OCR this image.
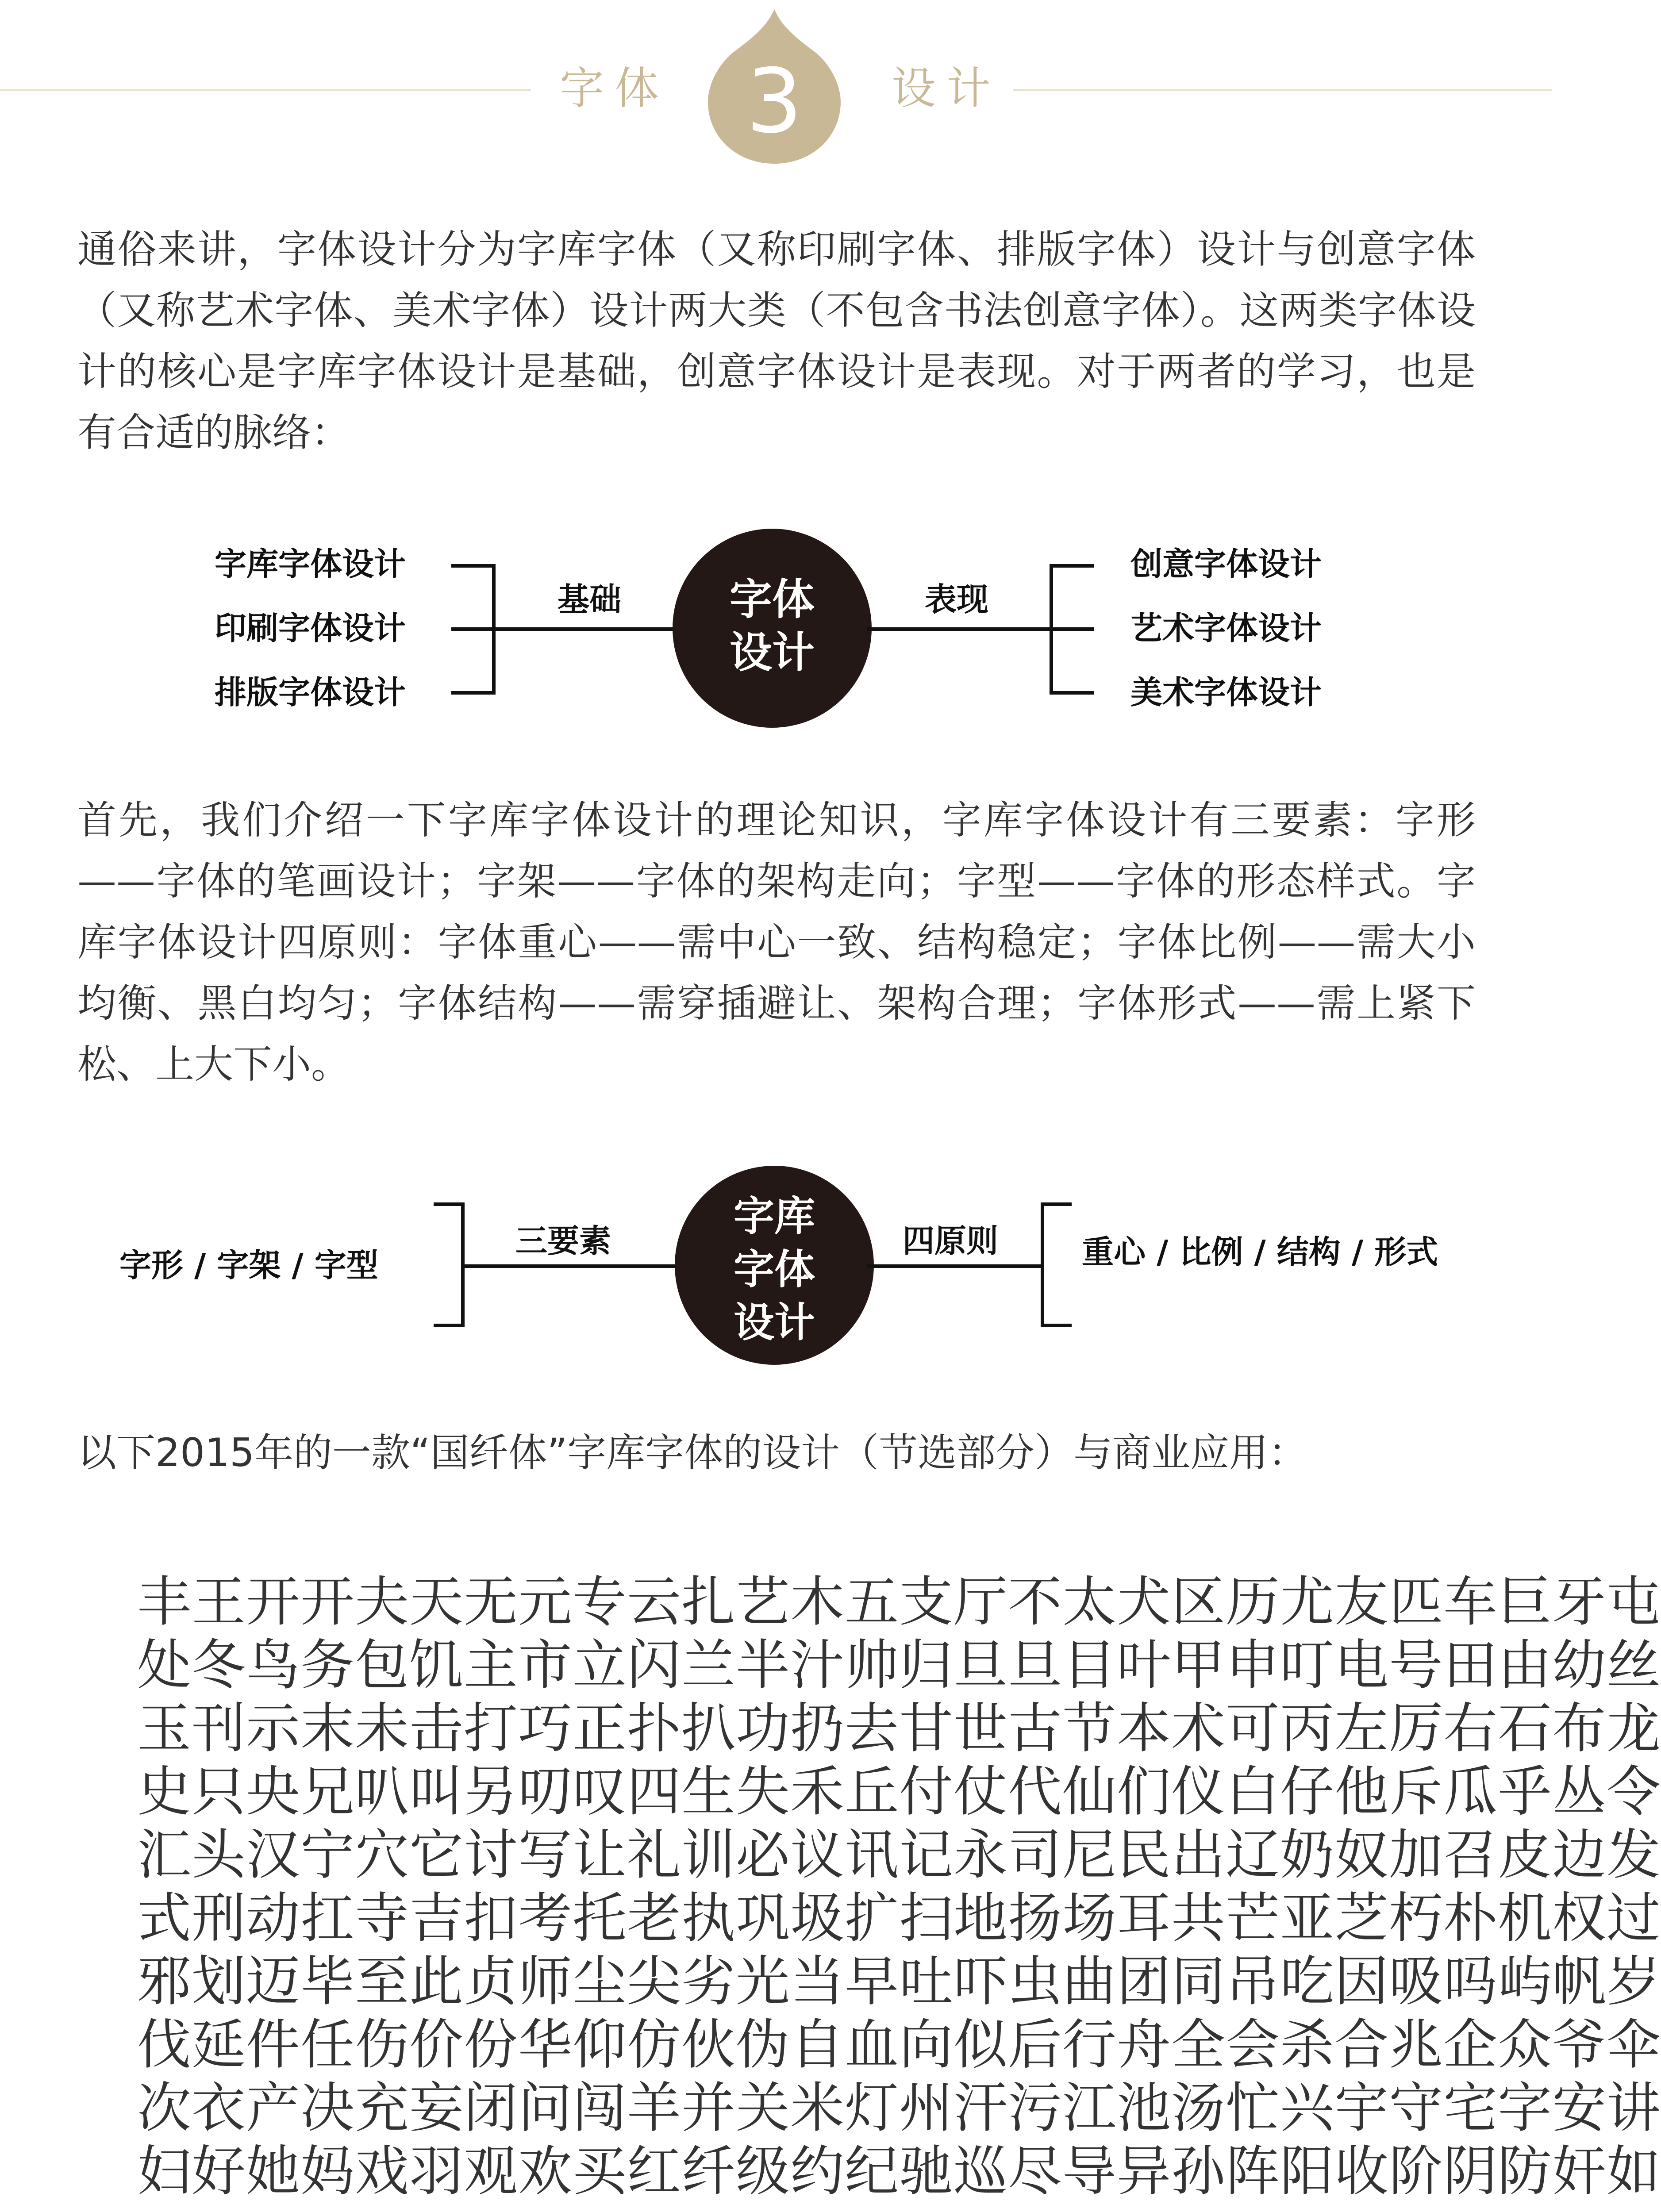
字体	设计
3
通俗来讲，字体设计分为字库字体（又称印刷字体、排版字体）设计与创意字体（又称艺术字体、美术字体）设计两大类（不包含书法创意字体）。这两类字体设计的核心是字库字体设计是基础，创意字体设计是表现。对于两者的学习，也是有合适的脉络：
字库字体设计
印刷字体设计
排版字体设计
基础	字体
设计
表现
创意字体设计
艺术字体设计
美术字体设计
首先，我们介绍一下字库字体设计的理论知识，字库字体设计有三要素：字形——字体的笔画设计；字架——字体的架构走向；字型——字体的形态样式。字库字体设计四原则：字体重心——需中心一致、结构稳定；字体比例——需大小均衡、黑白均匀；字体结构——需穿插避让、架构合理；字体形式——需上紧下松、上大下小。
字形 / 字架 / 字型
三要素
字库
字体
设计
四原则	重心 / 比例 / 结构 / 形式
以下2015年的一款“国纤体”字库字体的设计（节选部分）与商业应用：
丰王开开夫天无元专云扎艺木五支厅不太犬区历尤友匹车巨牙屯
处冬鸟务包饥主市立闪兰半汁帅归旦旦目叶甲申叮电号田由幼丝
玉刊示末未击打巧正扑扒功扔去甘世古节本术可丙左厉右石布龙
史只央兄叭叫另叨叹四生失禾丘付仗代仙们仪白仔他斥瓜乎丛令
汇头汉宁穴它讨写让礼训必议讯记永司尼民出辽奶奴加召皮边发
式刑动扛寺吉扣考托老执巩圾扩扫地扬场耳共芒亚芝朽朴机权过
邪划迈毕至此贞师尘尖劣光当早吐吓虫曲团同吊吃因吸吗屿帆岁
伐延件任伤价份华仰仿伙伪自血向似后行舟全会杀合兆企众爷伞
次衣产决充妄闭问闯羊并关米灯州汗污江池汤忙兴宇守宅字安讲
妇好她妈戏羽观欢买红纤级约纪驰巡尽导异孙阵阳收阶阴防奸如
